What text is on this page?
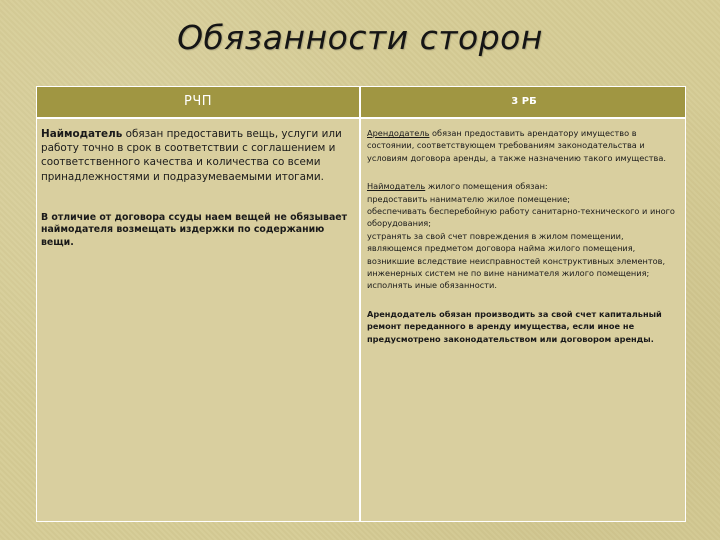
Обязанности сторон
РЧП	3 РБ

Наймодатель обязан предоставить вещь, услуги или работу точно в срок в соответствии с соглашением и соответственного качества и количества со всеми принадлежностями и подразумеваемыми итогами.

В отличие от договора ссуды наем вещей не обязывает наймодателя возмещать издержки по содержанию вещи.

Арендодатель обязан предоставить арендатору имущество в состоянии, соответствующем требованиям законодательства и условиям договора аренды, а также назначению такого имущества.

Наймодатель жилого помещения обязан:
предоставить нанимателю жилое помещение;
обеспечивать бесперебойную работу санитарно-технического и иного оборудования;
устранять за свой счет повреждения в жилом помещении, являющемся предметом договора найма жилого помещения, возникшие вследствие неисправностей конструктивных элементов, инженерных систем не по вине нанимателя жилого помещения;
исполнять иные обязанности.

Арендодатель обязан производить за свой счет капитальный ремонт переданного в аренду имущества, если иное не предусмотрено законодательством или договором аренды.
